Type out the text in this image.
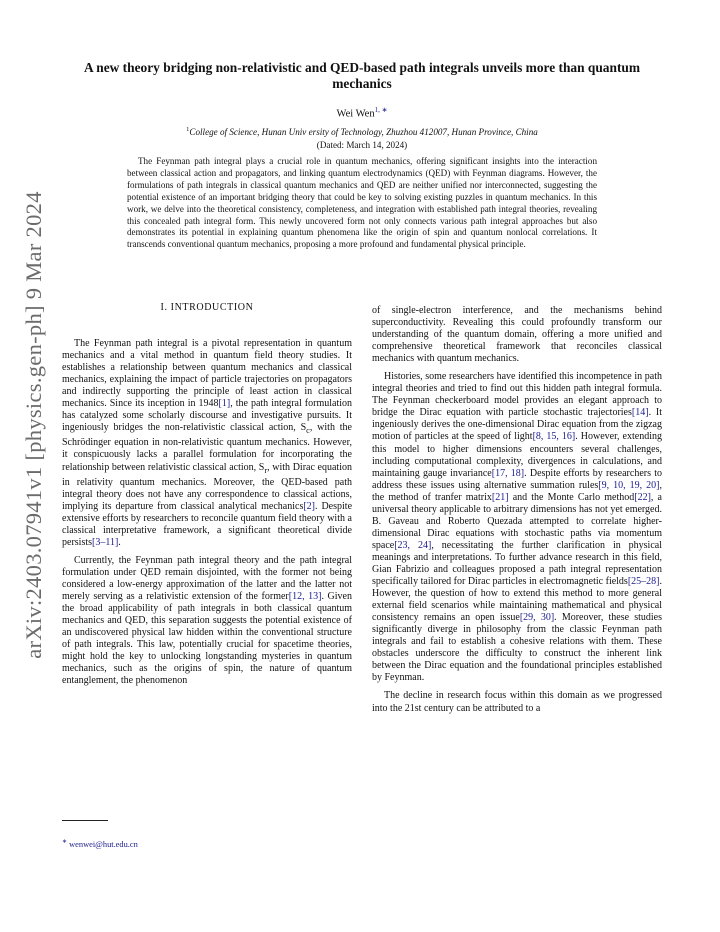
arXiv:2403.07941v1 [physics.gen-ph] 9 Mar 2024
A new theory bridging non-relativistic and QED-based path integrals unveils more than quantum mechanics
Wei Wen$^{1, ∗}$
$^1$College of Science, Hunan Univ ersity of Technology, Zhuzhou 412007, Hunan Province, China
(Dated: March 14, 2024)
The Feynman path integral plays a crucial role in quantum mechanics, offering significant insights into the interaction between classical action and propagators, and linking quantum electrodynamics (QED) with Feynman diagrams. However, the formulations of path integrals in classical quantum mechanics and QED are neither unified nor interconnected, suggesting the potential existence of an important bridging theory that could be key to solving existing puzzles in quantum mechanics. In this work, we delve into the theoretical consistency, completeness, and integration with established path integral theories, revealing this concealed path integral form. This newly uncovered form not only connects various path integral approaches but also demonstrates its potential in explaining quantum phenomena like the origin of spin and quantum nonlocal correlations. It transcends conventional quantum mechanics, proposing a more profound and fundamental physical principle.
I. INTRODUCTION

The Feynman path integral is a pivotal representation in quantum mechanics and a vital method in quantum field theory studies. It establishes a relationship between quantum mechanics and classical mechanics, explaining the impact of particle trajectories on propagators and indirectly supporting the principle of least action in classical mechanics. Since its inception in 1948[1], the path integral formulation has catalyzed some scholarly discourse and investigative pursuits. It ingeniously bridges the non-relativistic classical action, $S_c$, with the Schrödinger equation in non-relativistic quantum mechanics. However, it conspicuously lacks a parallel formulation for incorporating the relationship between relativistic classical action, $S_r$, with Dirac equation in relativity quantum mechanics. Moreover, the QED-based path integral theory does not have any correspondence to classical actions, implying its departure from classical analytical mechanics[2]. Despite extensive efforts by researchers to reconcile quantum field theory with a classical interpretative framework, a significant theoretical divide persists[3–11].

Currently, the Feynman path integral theory and the path integral formulation under QED remain disjointed, with the former not being considered a low-energy approximation of the latter and the latter not merely serving as a relativistic extension of the former[12, 13]. Given the broad applicability of path integrals in both classical quantum mechanics and QED, this separation suggests the potential existence of an undiscovered physical law hidden within the conventional structure of path integrals. This law, potentially crucial for spacetime theories, might hold the key to unlocking longstanding mysteries in quantum mechanics, such as the origins of spin, the nature of quantum entanglement, the phenomenon

of single-electron interference, and the mechanisms behind superconductivity. Revealing this could profoundly transform our understanding of the quantum domain, offering a more unified and comprehensive theoretical framework that reconciles classical mechanics with quantum mechanics.

Histories, some researchers have identified this incompetence in path integral theories and tried to find out this hidden path integral formula. The Feynman checkerboard model provides an elegant approach to bridge the Dirac equation with particle stochastic trajectories[14]. It ingeniously derives the one-dimensional Dirac equation from the zigzag motion of particles at the speed of light[8, 15, 16]. However, extending this model to higher dimensions encounters several challenges, including computational complexity, divergences in calculations, and maintaining gauge invariance[17, 18]. Despite efforts by researchers to address these issues using alternative summation rules[9, 10, 19, 20], the method of tranfer matrix[21] and the Monte Carlo method[22], a universal theory applicable to arbitrary dimensions has not yet emerged. B. Gaveau and Roberto Quezada attempted to correlate higher-dimensional Dirac equations with stochastic paths via momentum space[23, 24], necessitating the further clarification in physical meanings and interpretations. To further advance research in this field, Gian Fabrizio and colleagues proposed a path integral representation specifically tailored for Dirac particles in electromagnetic fields[25–28]. However, the question of how to extend this method to more general external field scenarios while maintaining mathematical and physical consistency remains an open issue[29, 30]. Moreover, these studies significantly diverge in philosophy from the classic Feynman path integrals and fail to establish a cohesive relations with them. These obstacles underscore the difficulty to construct the inherent link between the Dirac equation and the foundational principles established by Feynman.

The decline in research focus within this domain as we progressed into the 21st century can be attributed to a

∗ wenwei@hut.edu.cn
